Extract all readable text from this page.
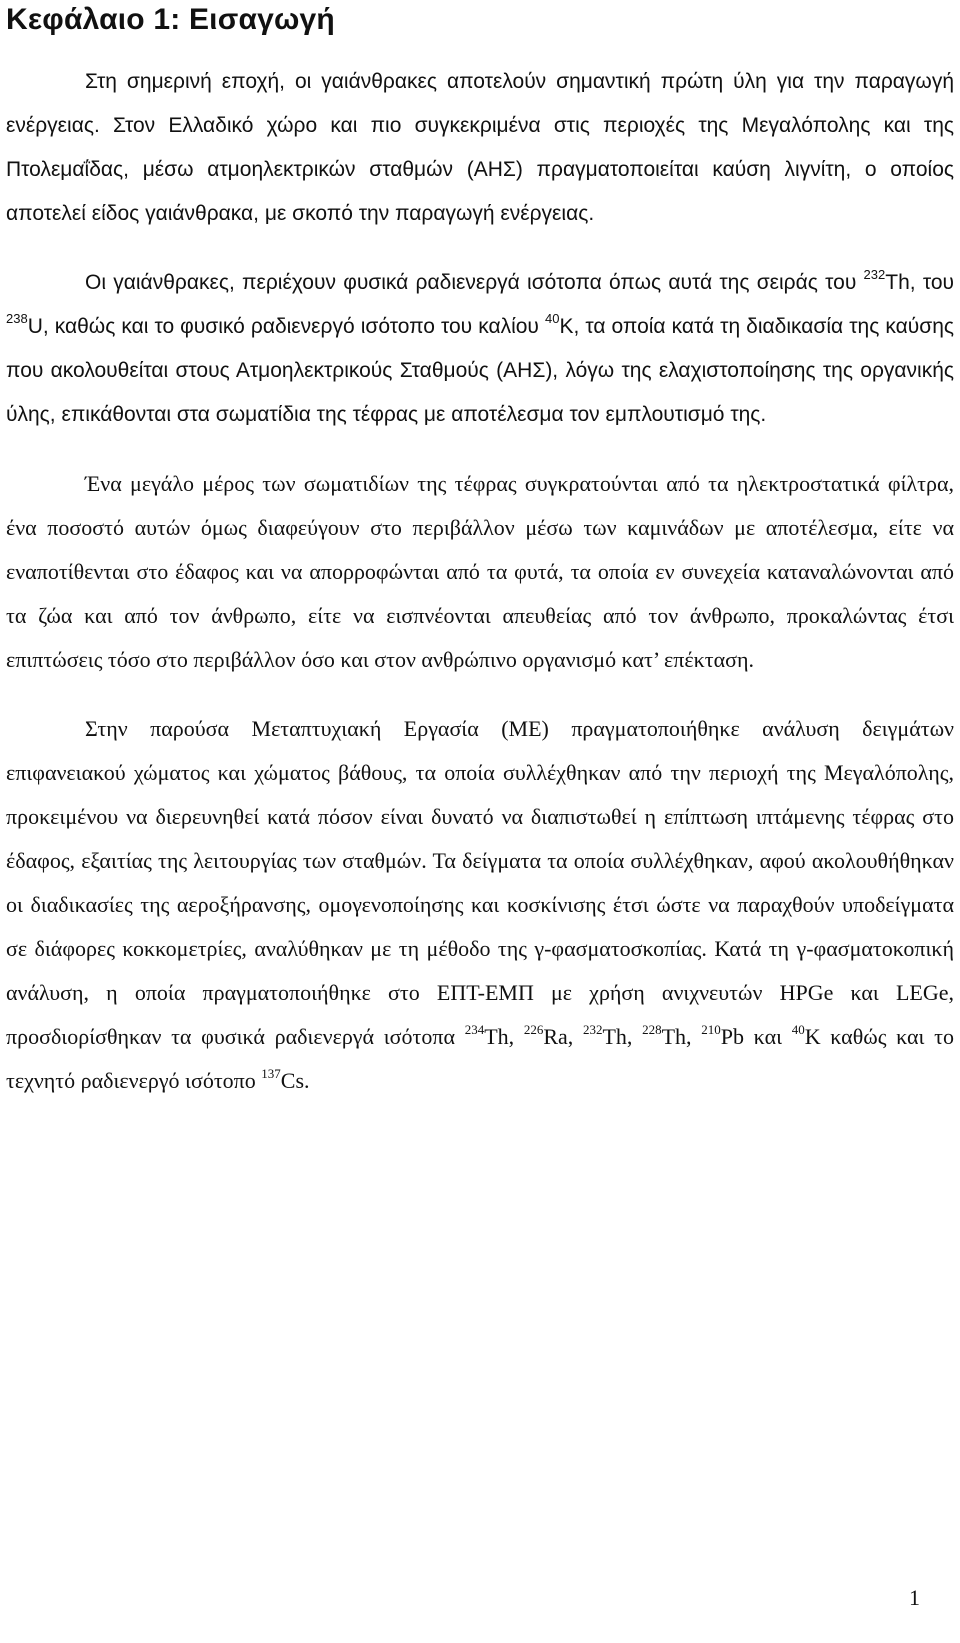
Κεφάλαιο 1: Εισαγωγή

Στη σημερινή εποχή, οι γαιάνθρακες αποτελούν σημαντική πρώτη ύλη για την παραγωγή ενέργειας. Στον Ελλαδικό χώρο και πιο συγκεκριμένα στις περιοχές της Μεγαλόπολης και της Πτολεμαΐδας, μέσω ατμοηλεκτρικών σταθμών (ΑΗΣ) πραγματοποιείται καύση λιγνίτη, ο οποίος αποτελεί είδος γαιάνθρακα, με σκοπό την παραγωγή ενέργειας.

Οι γαιάνθρακες, περιέχουν φυσικά ραδιενεργά ισότοπα όπως αυτά της σειράς του $^{232}$Th, του $^{238}$U, καθώς και το φυσικό ραδιενεργό ισότοπο του καλίου $^{40}$K, τα οποία κατά τη διαδικασία της καύσης που ακολουθείται στους Ατμοηλεκτρικούς Σταθμούς (ΑΗΣ), λόγω της ελαχιστοποίησης της οργανικής ύλης, επικάθονται στα σωματίδια της τέφρας με αποτέλεσμα τον εμπλουτισμό της.

Ένα μεγάλο μέρος των σωματιδίων της τέφρας συγκρατούνται από τα ηλεκτροστατικά φίλτρα, ένα ποσοστό αυτών όμως διαφεύγουν στο περιβάλλον μέσω των καμινάδων με αποτέλεσμα, είτε να εναποτίθενται στο έδαφος και να απορροφώνται από τα φυτά, τα οποία εν συνεχεία καταναλώνονται από τα ζώα και από τον άνθρωπο, είτε να εισπνέονται απευθείας από τον άνθρωπο, προκαλώντας έτσι επιπτώσεις τόσο στο περιβάλλον όσο και στον ανθρώπινο οργανισμό κατ’ επέκταση.

Στην παρούσα Μεταπτυχιακή Εργασία (ΜΕ) πραγματοποιήθηκε ανάλυση δειγμάτων επιφανειακού χώματος και χώματος βάθους, τα οποία συλλέχθηκαν από την περιοχή της Μεγαλόπολης, προκειμένου να διερευνηθεί κατά πόσον είναι δυνατό να διαπιστωθεί η επίπτωση ιπτάμενης τέφρας στο έδαφος, εξαιτίας της λειτουργίας των σταθμών. Τα δείγματα τα οποία συλλέχθηκαν, αφού ακολουθήθηκαν οι διαδικασίες της αεροξήρανσης, ομογενοποίησης και κοσκίνισης έτσι ώστε να παραχθούν υποδείγματα σε διάφορες κοκκομετρίες, αναλύθηκαν με τη μέθοδο της γ-φασματοσκοπίας. Κατά τη γ-φασματοκοπική ανάλυση, η οποία πραγματοποιήθηκε στο ΕΠΤ-ΕΜΠ με χρήση ανιχνευτών HPGe και LEGe, προσδιορίσθηκαν τα φυσικά ραδιενεργά ισότοπα $^{234}$Th, $^{226}$Ra, $^{232}$Th, $^{228}$Th, $^{210}$Pb και $^{40}$K καθώς και το τεχνητό ραδιενεργό ισότοπο $^{137}$Cs.

1
